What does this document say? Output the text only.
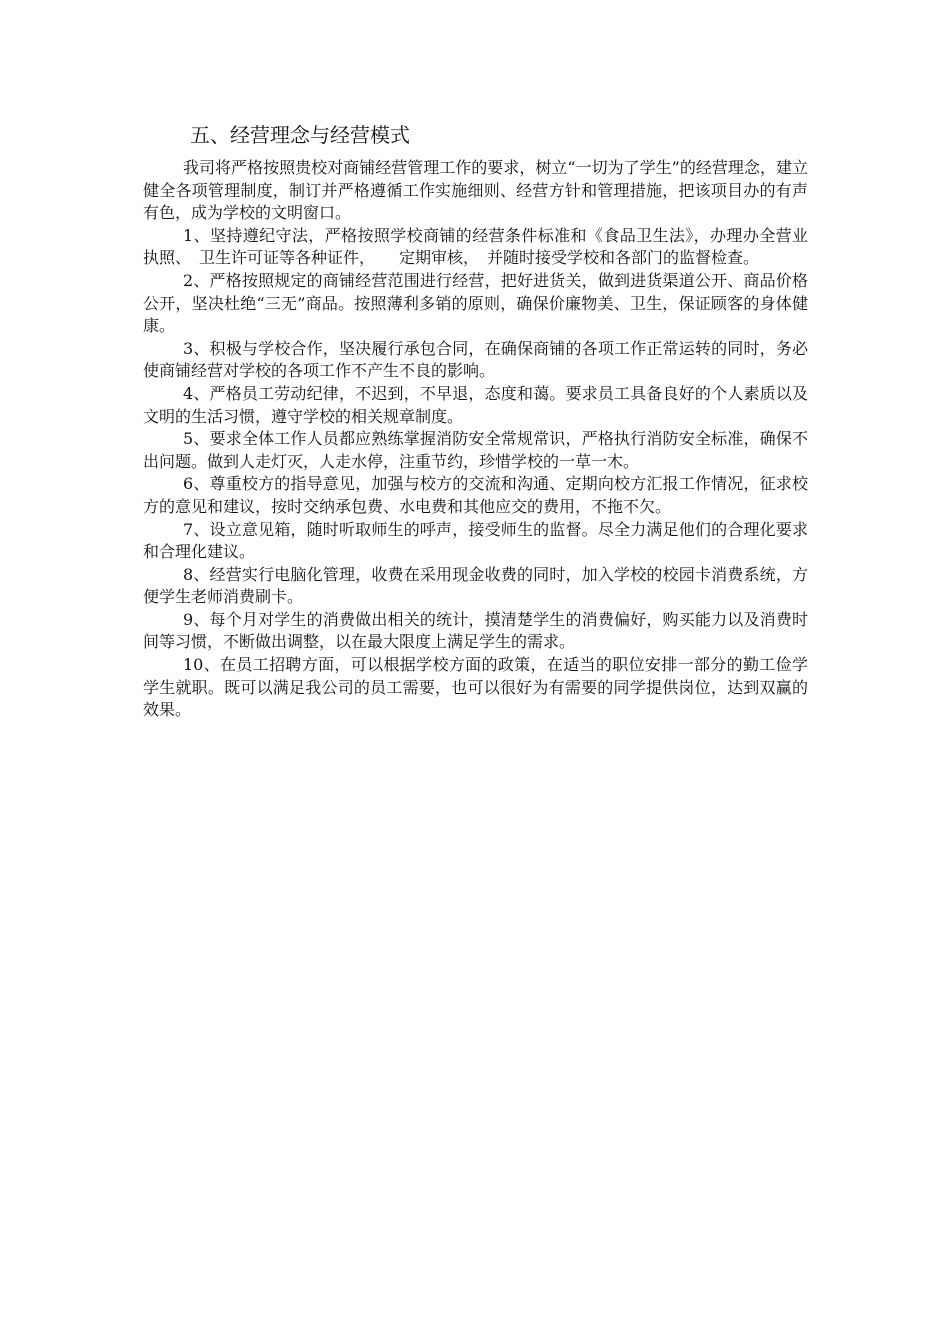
五、经营理念与经营模式

我司将严格按照贵校对商铺经营管理工作的要求，树立“一切为了学生”的经营理念，建立健全各项管理制度，制订并严格遵循工作实施细则、经营方针和管理措施，把该项目办的有声有色，成为学校的文明窗口。

1、坚持遵纪守法，严格按照学校商铺的经营条件标准和《食品卫生法》，办理办全营业执照、　卫生许可证等各种证件，　　定期审核，　并随时接受学校和各部门的监督检查。

2、严格按照规定的商铺经营范围进行经营，把好进货关，做到进货渠道公开、商品价格公开，坚决杜绝“三无”商品。按照薄利多销的原则，确保价廉物美、卫生，保证顾客的身体健康。

3、积极与学校合作，坚决履行承包合同，在确保商铺的各项工作正常运转的同时，务必使商铺经营对学校的各项工作不产生不良的影响。

4、严格员工劳动纪律，不迟到，不早退，态度和蔼。要求员工具备良好的个人素质以及文明的生活习惯，遵守学校的相关规章制度。

5、要求全体工作人员都应熟练掌握消防安全常规常识，严格执行消防安全标准，确保不出问题。做到人走灯灭，人走水停，注重节约，珍惜学校的一草一木。

6、尊重校方的指导意见，加强与校方的交流和沟通、定期向校方汇报工作情况，征求校方的意见和建议，按时交纳承包费、水电费和其他应交的费用，不拖不欠。

7、设立意见箱，随时听取师生的呼声，接受师生的监督。尽全力满足他们的合理化要求和合理化建议。

8、经营实行电脑化管理，收费在采用现金收费的同时，加入学校的校园卡消费系统，方便学生老师消费刷卡。

9、每个月对学生的消费做出相关的统计，摸清楚学生的消费偏好，购买能力以及消费时间等习惯，不断做出调整，以在最大限度上满足学生的需求。

10、在员工招聘方面，可以根据学校方面的政策，在适当的职位安排一部分的勤工俭学学生就职。既可以满足我公司的员工需要，也可以很好为有需要的同学提供岗位，达到双赢的效果。
